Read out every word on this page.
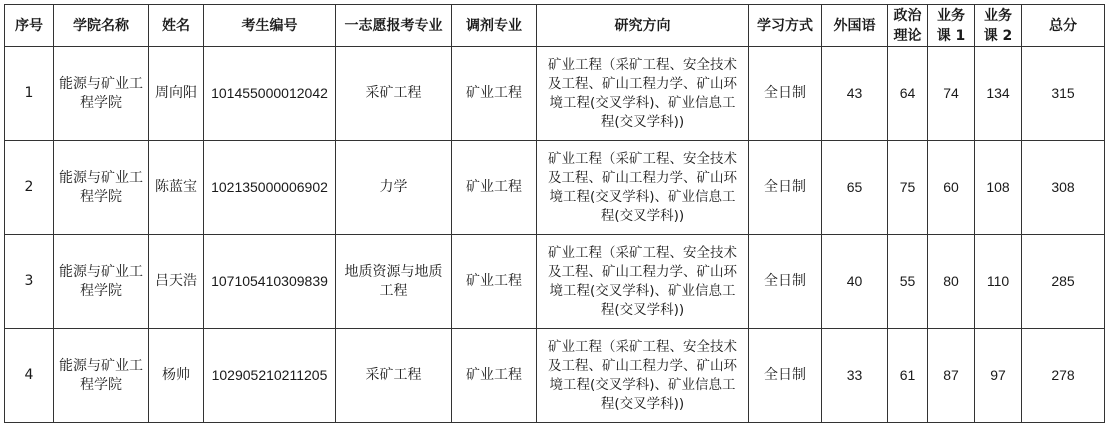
序号	学院名称	姓名	考生编号	一志愿报考专业	调剂专业	研究方向	学习方式	外国语	政治理论	业务课 1	业务课 2	总分
1	能源与矿业工程学院	周向阳	101455000012042	采矿工程	矿业工程	矿业工程（采矿工程、安全技术及工程、矿山工程力学、矿山环境工程(交叉学科)、矿业信息工程(交叉学科))	全日制	43	64	74	134	315
2	能源与矿业工程学院	陈蓝宝	102135000006902	力学	矿业工程	矿业工程（采矿工程、安全技术及工程、矿山工程力学、矿山环境工程(交叉学科)、矿业信息工程(交叉学科))	全日制	65	75	60	108	308
3	能源与矿业工程学院	吕天浩	107105410309839	地质资源与地质工程	矿业工程	矿业工程（采矿工程、安全技术及工程、矿山工程力学、矿山环境工程(交叉学科)、矿业信息工程(交叉学科))	全日制	40	55	80	110	285
4	能源与矿业工程学院	杨帅	102905210211205	采矿工程	矿业工程	矿业工程（采矿工程、安全技术及工程、矿山工程力学、矿山环境工程(交叉学科)、矿业信息工程(交叉学科))	全日制	33	61	87	97	278
